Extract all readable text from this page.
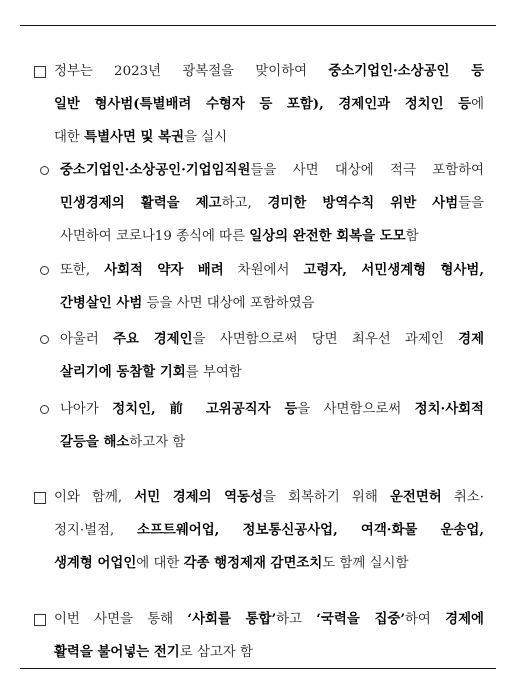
정부는 2023년 광복절을 맞이하여 중소기업인·소상공인 등
일반 형사범(특별배려 수형자 등 포함), 경제인과 정치인 등에
대한 특별사면 및 복권을 실시
중소기업인·소상공인·기업임직원들을 사면 대상에 적극 포함하여
민생경제의 활력을 제고하고, 경미한 방역수칙 위반 사범들을
사면하여 코로나19 종식에 따른 일상의 완전한 회복을 도모함
또한, 사회적 약자 배려 차원에서 고령자, 서민생계형 형사범,
간병살인 사범 등을 사면 대상에 포함하였음
아울러 주요 경제인을 사면함으로써 당면 최우선 과제인 경제
살리기에 동참할 기회를 부여함
나아가 정치인, 前 고위공직자 등을 사면함으로써 정치·사회적
갈등을 해소하고자 함
이와 함께, 서민 경제의 역동성을 회복하기 위해 운전면허 취소·
정지·벌점, 소프트웨어업, 정보통신공사업, 여객·화물 운송업,
생계형 어업인에 대한 각종 행정제재 감면조치도 함께 실시함
이번 사면을 통해 ‘사회를 통합’하고 ‘국력을 집중’하여 경제에
활력을 불어넣는 전기로 삼고자 함
